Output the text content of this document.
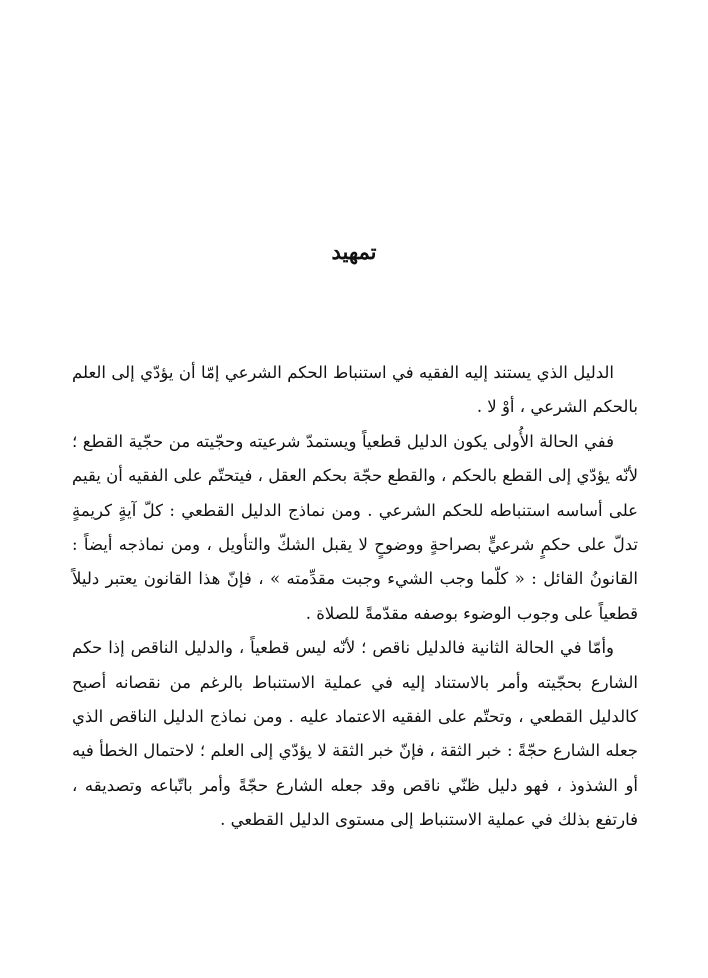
تمهيد

الدليل الذي يستند إليه الفقيه في استنباط الحكم الشرعي إمّا أن يؤدّي إلى العلم بالحكم الشرعي ، أوْ لا .

ففي الحالة الأُولى يكون الدليل قطعياً ويستمدّ شرعيته وحجّيته من حجّية القطع ؛ لأنّه يؤدّي إلى القطع بالحكم ، والقطع حجّة بحكم العقل ، فيتحتّم على الفقيه أن يقيم على أساسه استنباطه للحكم الشرعي . ومن نماذج الدليل القطعي : كلّ آيةٍ كريمةٍ تدلّ على حكمٍ شرعيٍّ بصراحةٍ ووضوحٍ لا يقبل الشكّ والتأويل ، ومن نماذجه أيضاً : القانونُ القائل : « كلّما وجب الشيء وجبت مقدِّمته » ، فإنّ هذا القانون يعتبر دليلاً قطعياً على وجوب الوضوء بوصفه مقدّمةً للصلاة .

وأمّا في الحالة الثانية فالدليل ناقص ؛ لأنّه ليس قطعياً ، والدليل الناقص إذا حكم الشارع بحجّيته وأمر بالاستناد إليه في عملية الاستنباط بالرغم من نقصانه أصبح كالدليل القطعي ، وتحتّم على الفقيه الاعتماد عليه . ومن نماذج الدليل الناقص الذي جعله الشارع حجّةً : خبر الثقة ، فإنّ خبر الثقة لا يؤدّي إلى العلم ؛ لاحتمال الخطأ فيه أو الشذوذ ، فهو دليل ظنّي ناقص وقد جعله الشارع حجّةً وأمر باتّباعه وتصديقه ، فارتفع بذلك في عملية الاستنباط إلى مستوى الدليل القطعي .
